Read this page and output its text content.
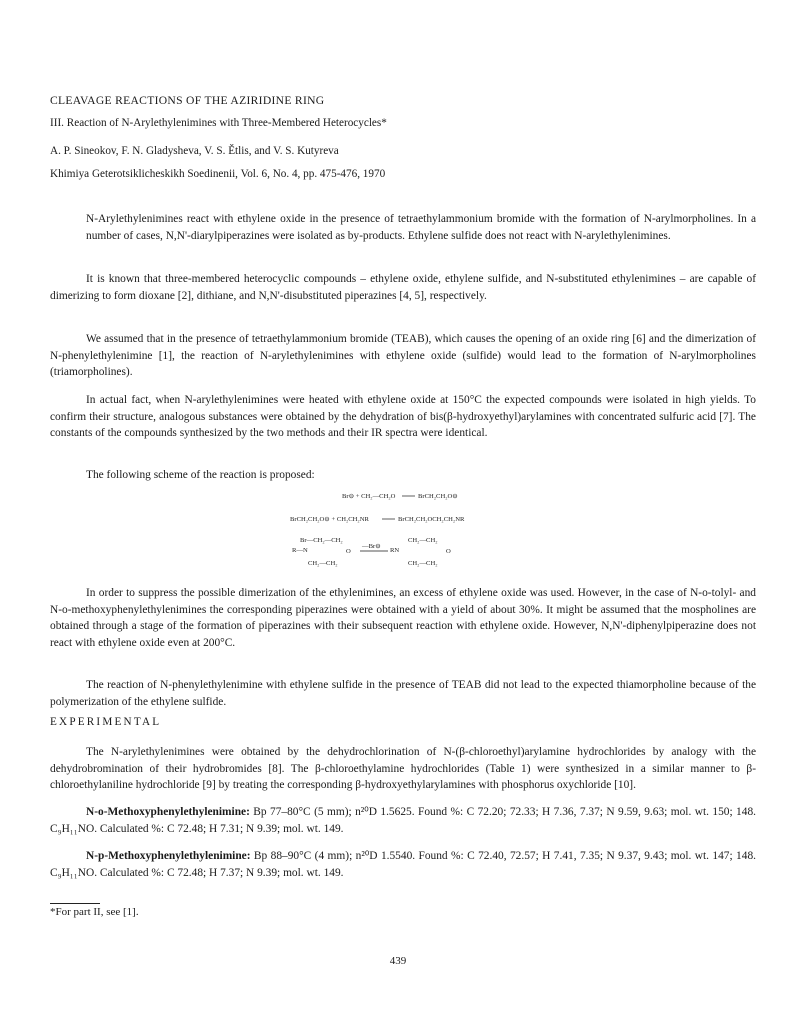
CLEAVAGE REACTIONS OF THE AZIRIDINE RING
III. Reaction of N-Arylethylenimines with Three-Membered Heterocycles*
A. P. Sineokov, F. N. Gladysheva, V. S. Ětlis, and V. S. Kutyreva
Khimiya Geterotsiklicheskikh Soedinenii, Vol. 6, No. 4, pp. 475-476, 1970
N-Arylethylenimines react with ethylene oxide in the presence of tetraethylammonium bromide with the formation of N-arylmorpholines. In a number of cases, N,N'-diarylpiperazines were isolated as by-products. Ethylene sulfide does not react with N-arylethylenimines.
It is known that three-membered heterocyclic compounds – ethylene oxide, ethylene sulfide, and N-substituted ethylenimines – are capable of dimerizing to form dioxane [2], dithiane, and N,N'-disubstituted piperazines [4, 5], respectively.
We assumed that in the presence of tetraethylammonium bromide (TEAB), which causes the opening of an oxide ring [6] and the dimerization of N-phenylethylenimine [1], the reaction of N-arylethylenimines with ethylene oxide (sulfide) would lead to the formation of N-arylmorpholines (triamorpholines).
In actual fact, when N-arylethylenimines were heated with ethylene oxide at 150°C the expected compounds were isolated in high yields. To confirm their structure, analogous substances were obtained by the dehydration of bis(β-hydroxyethyl)arylamines with concentrated sulfuric acid [7]. The constants of the compounds synthesized by the two methods and their IR spectra were identical.
The following scheme of the reaction is proposed:
Br⊖ + CH₂—CH₂O	BrCH₂CH₂O⊖
BrCH₂CH₂O⊖ + CH₂CH₂NR	BrCH₂CH₂OCH₂CH₂NR
Br—CH₂—CH₂
R—N
CH₂—CH₂
O
—Br⊖
CH₂—CH₂
RN
CH₂—CH₂
O
In order to suppress the possible dimerization of the ethylenimines, an excess of ethylene oxide was used. However, in the case of N-o-tolyl- and N-o-methoxyphenylethylenimines the corresponding piperazines were obtained with a yield of about 30%. It might be assumed that the mospholines are obtained through a stage of the formation of piperazines with their subsequent reaction with ethylene oxide. However, N,N'-diphenylpiperazine does not react with ethylene oxide even at 200°C.
The reaction of N-phenylethylenimine with ethylene sulfide in the presence of TEAB did not lead to the expected thiamorpholine because of the polymerization of the ethylene sulfide.
EXPERIMENTAL
The N-arylethylenimines were obtained by the dehydrochlorination of N-(β-chloroethyl)arylamine hydrochlorides by analogy with the dehydrobromination of their hydrobromides [8]. The β-chloroethylamine hydrochlorides (Table 1) were synthesized in a similar manner to β-chloroethylaniline hydrochloride [9] by treating the corresponding β-hydroxyethylarylamines with phosphorus oxychloride [10].
N-o-Methoxyphenylethylenimine: Bp 77–80°C (5 mm); n²⁰D 1.5625. Found %: C 72.20; 72.33; H 7.36, 7.37; N 9.59, 9.63; mol. wt. 150; 148. C₉H₁₁NO. Calculated %: C 72.48; H 7.31; N 9.39; mol. wt. 149.
N-p-Methoxyphenylethylenimine: Bp 88–90°C (4 mm); n²⁰D 1.5540. Found %: C 72.40, 72.57; H 7.41, 7.35; N 9.37, 9.43; mol. wt. 147; 148. C₉H₁₁NO. Calculated %: C 72.48; H 7.37; N 9.39; mol. wt. 149.
*For part II, see [1].
439
